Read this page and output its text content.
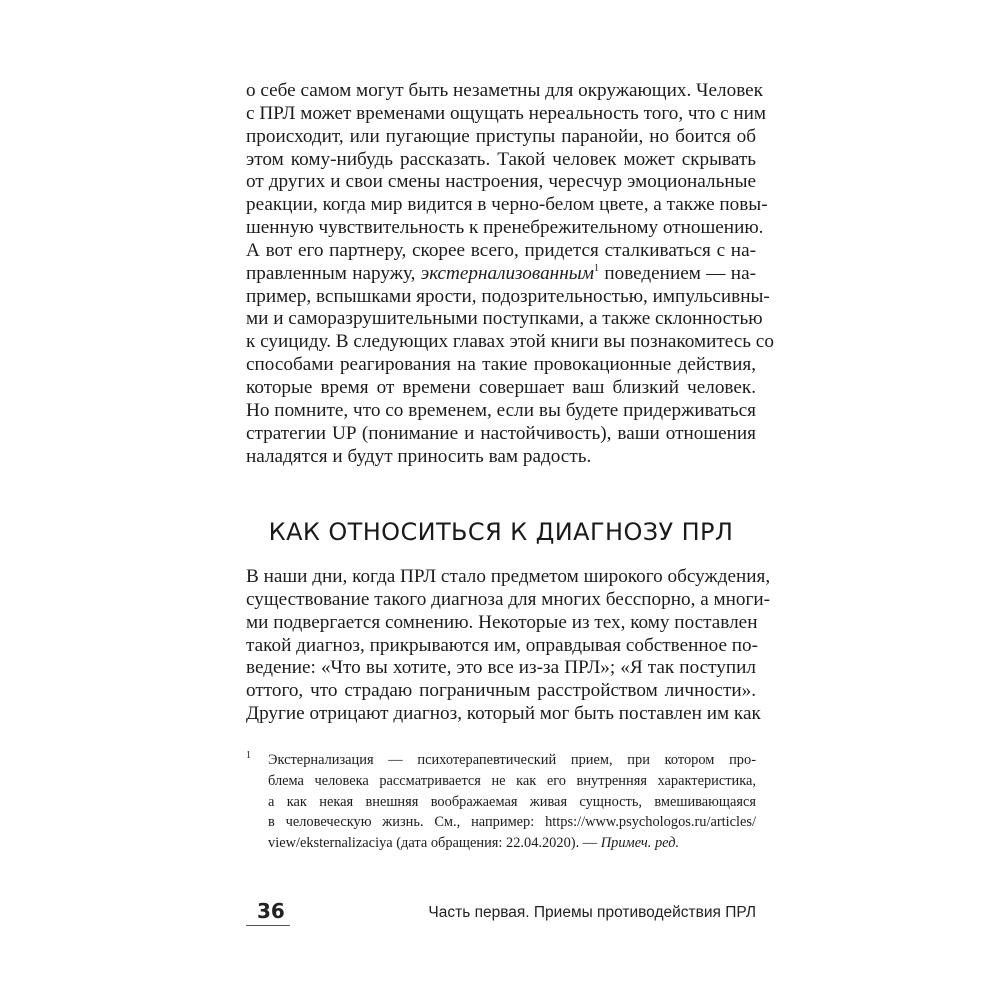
о себе самом могут быть незаметны для окружающих. Человек
с ПРЛ может временами ощущать нереальность того, что с ним
происходит, или пугающие приступы паранойи, но боится об
этом кому-нибудь рассказать. Такой человек может скрывать
от других и свои смены настроения, чересчур эмоциональные
реакции, когда мир видится в черно-белом цвете, а также повы-
шенную чувствительность к пренебрежительному отношению.
А вот его партнеру, скорее всего, придется сталкиваться с на-
правленным наружу, экстернализованным$^1$ поведением — на-
пример, вспышками ярости, подозрительностью, импульсивны-
ми и саморазрушительными поступками, а также склонностью
к суициду. В следующих главах этой книги вы познакомитесь со
способами реагирования на такие провокационные действия,
которые время от времени совершает ваш близкий человек.
Но помните, что со временем, если вы будете придерживаться
стратегии UP (понимание и настойчивость), ваши отношения
наладятся и будут приносить вам радость.
КАК ОТНОСИТЬСЯ К ДИАГНОЗУ ПРЛ
В наши дни, когда ПРЛ стало предметом широкого обсуждения,
существование такого диагноза для многих бесспорно, а многи-
ми подвергается сомнению. Некоторые из тех, кому поставлен
такой диагноз, прикрываются им, оправдывая собственное по-
ведение: «Что вы хотите, это все из-за ПРЛ»; «Я так поступил
оттого, что страдаю пограничным расстройством личности».
Другие отрицают диагноз, который мог быть поставлен им как
1 Экстернализация — психотерапевтический прием, при котором про-
блема человека рассматривается не как его внутренняя характеристика,
а как некая внешняя воображаемая живая сущность, вмешивающаяся
в человеческую жизнь. См., например: https://www.psychologos.ru/articles/
view/eksternalizaciya (дата обращения: 22.04.2020). — Примеч. ред.
36	Часть первая. Приемы противодействия ПРЛ
